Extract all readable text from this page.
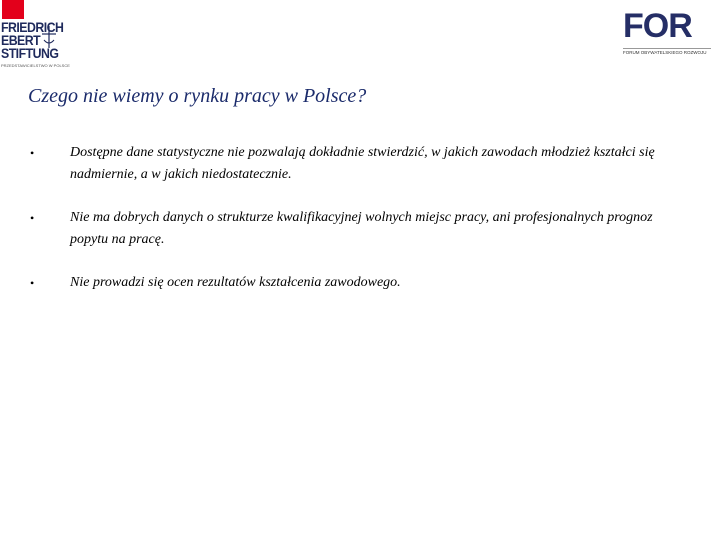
FRIEDRICH
EBERT
STIFTUNG
PRZEDSTAWICIELSTWO W POLSCE
FOR
FORUM OBYWATELSKIEGO ROZWOJU
Czego nie wiemy o rynku pracy w Polsce?
•	Dostępne dane statystyczne nie pozwalają dokładnie stwierdzić, w jakich zawodach młodzież kształci się nadmiernie, a w jakich niedostatecznie.
•	Nie ma dobrych danych o strukturze kwalifikacyjnej wolnych miejsc pracy, ani profesjonalnych prognoz popytu na pracę.
•	Nie prowadzi się ocen rezultatów kształcenia zawodowego.
